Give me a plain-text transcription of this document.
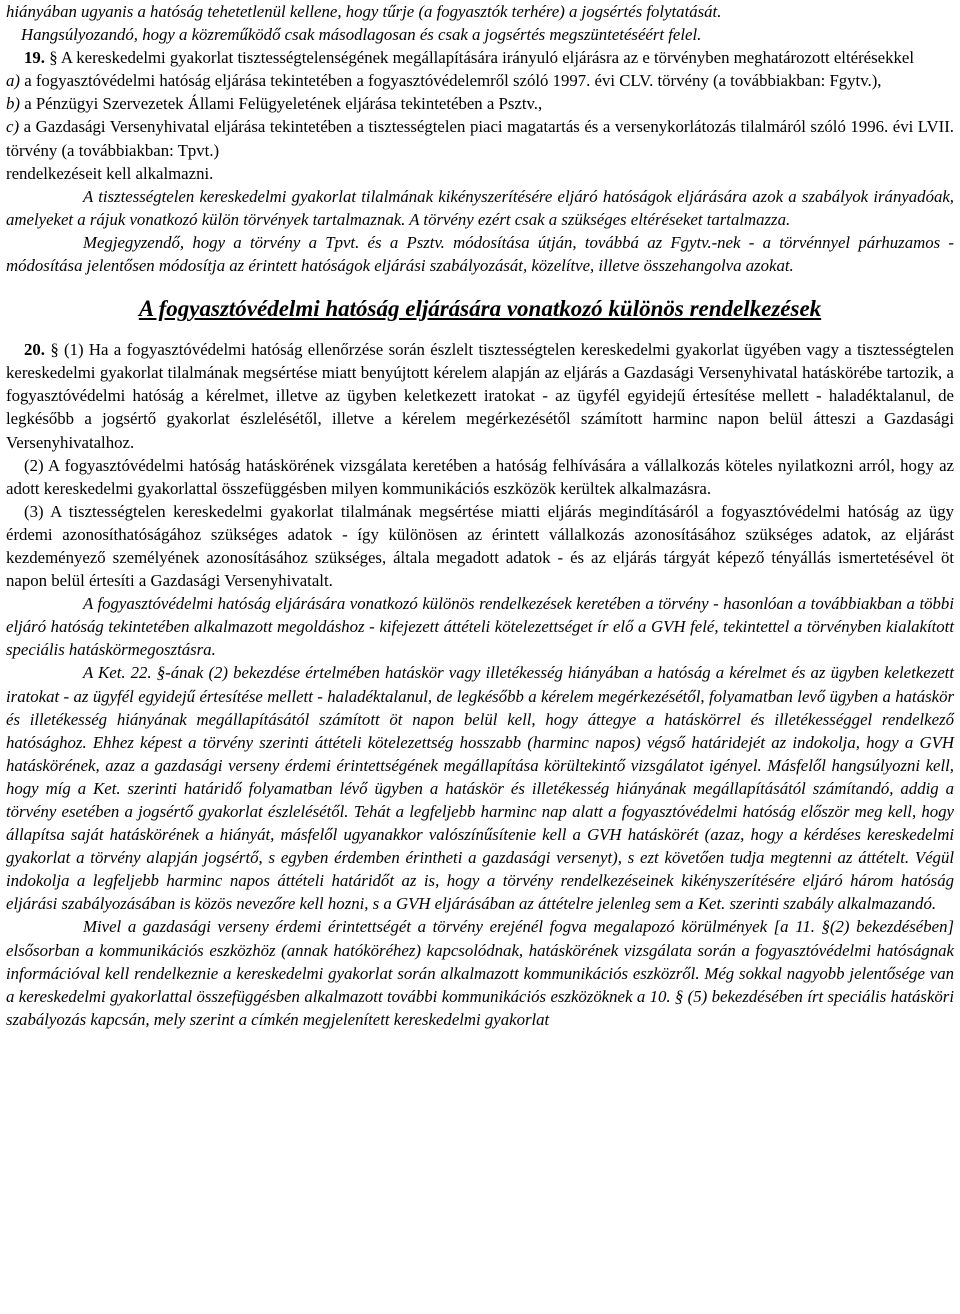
hiányában ugyanis a hatóság tehetetlenül kellene, hogy tűrje (a fogyasztók terhére) a jogsértés folytatását.

Hangsúlyozandó, hogy a közreműködő csak másodlagosan és csak a jogsértés megszüntetéséért felel.

19. § A kereskedelmi gyakorlat tisztességtelenségének megállapítására irányuló eljárásra az e törvényben meghatározott eltérésekkel

a) a fogyasztóvédelmi hatóság eljárása tekintetében a fogyasztóvédelemről szóló 1997. évi CLV. törvény (a továbbiakban: Fgytv.),

b) a Pénzügyi Szervezetek Állami Felügyeletének eljárása tekintetében a Psztv.,

c) a Gazdasági Versenyhivatal eljárása tekintetében a tisztességtelen piaci magatartás és a versenykorlátozás tilalmáról szóló 1996. évi LVII. törvény (a továbbiakban: Tpvt.)

rendelkezéseit kell alkalmazni.

A tisztességtelen kereskedelmi gyakorlat tilalmának kikényszerítésére eljáró hatóságok eljárására azok a szabályok irányadóak, amelyeket a rájuk vonatkozó külön törvények tartalmaznak. A törvény ezért csak a szükséges eltéréseket tartalmazza.

Megjegyzendő, hogy a törvény a Tpvt. és a Psztv. módosítása útján, továbbá az Fgytv.-nek - a törvénnyel párhuzamos - módosítása jelentősen módosítja az érintett hatóságok eljárási szabályozását, közelítve, illetve összehangolva azokat.

A fogyasztóvédelmi hatóság eljárására vonatkozó különös rendelkezések

20. § (1) Ha a fogyasztóvédelmi hatóság ellenőrzése során észlelt tisztességtelen kereskedelmi gyakorlat ügyében vagy a tisztességtelen kereskedelmi gyakorlat tilalmának megsértése miatt benyújtott kérelem alapján az eljárás a Gazdasági Versenyhivatal hatáskörébe tartozik, a fogyasztóvédelmi hatóság a kérelmet, illetve az ügyben keletkezett iratokat - az ügyfél egyidejű értesítése mellett - haladéktalanul, de legkésőbb a jogsértő gyakorlat észlelésétől, illetve a kérelem megérkezésétől számított harminc napon belül átteszi a Gazdasági Versenyhivatalhoz.

(2) A fogyasztóvédelmi hatóság hatáskörének vizsgálata keretében a hatóság felhívására a vállalkozás köteles nyilatkozni arról, hogy az adott kereskedelmi gyakorlattal összefüggésben milyen kommunikációs eszközök kerültek alkalmazásra.

(3) A tisztességtelen kereskedelmi gyakorlat tilalmának megsértése miatti eljárás megindításáról a fogyasztóvédelmi hatóság az ügy érdemi azonosíthatóságához szükséges adatok - így különösen az érintett vállalkozás azonosításához szükséges adatok, az eljárást kezdeményező személyének azonosításához szükséges, általa megadott adatok - és az eljárás tárgyát képező tényállás ismertetésével öt napon belül értesíti a Gazdasági Versenyhivatalt.

A fogyasztóvédelmi hatóság eljárására vonatkozó különös rendelkezések keretében a törvény - hasonlóan a továbbiakban a többi eljáró hatóság tekintetében alkalmazott megoldáshoz - kifejezett áttételi kötelezettséget ír elő a GVH felé, tekintettel a törvényben kialakított speciális hatáskörmegosztásra.

A Ket. 22. §-ának (2) bekezdése értelmében hatáskör vagy illetékesség hiányában a hatóság a kérelmet és az ügyben keletkezett iratokat - az ügyfél egyidejű értesítése mellett - haladéktalanul, de legkésőbb a kérelem megérkezésétől, folyamatban levő ügyben a hatáskör és illetékesség hiányának megállapításától számított öt napon belül kell, hogy áttegye a hatáskörrel és illetékességgel rendelkező hatósághoz. Ehhez képest a törvény szerinti áttételi kötelezettség hosszabb (harminc napos) végső határidejét az indokolja, hogy a GVH hatáskörének, azaz a gazdasági verseny érdemi érintettségének megállapítása körültekintő vizsgálatot igényel. Másfelől hangsúlyozni kell, hogy míg a Ket. szerinti határidő folyamatban lévő ügyben a hatáskör és illetékesség hiányának megállapításától számítandó, addig a törvény esetében a jogsértő gyakorlat észlelésétől. Tehát a legfeljebb harminc nap alatt a fogyasztóvédelmi hatóság először meg kell, hogy állapítsa saját hatáskörének a hiányát, másfelől ugyanakkor valószínűsítenie kell a GVH hatáskörét (azaz, hogy a kérdéses kereskedelmi gyakorlat a törvény alapján jogsértő, s egyben érdemben érintheti a gazdasági versenyt), s ezt követően tudja megtenni az áttételt. Végül indokolja a legfeljebb harminc napos áttételi határidőt az is, hogy a törvény rendelkezéseinek kikényszerítésére eljáró három hatóság eljárási szabályozásában is közös nevezőre kell hozni, s a GVH eljárásában az áttételre jelenleg sem a Ket. szerinti szabály alkalmazandó.

Mivel a gazdasági verseny érdemi érintettségét a törvény erejénél fogva megalapozó körülmények [a 11. §(2) bekezdésében] elsősorban a kommunikációs eszközhöz (annak hatóköréhez) kapcsolódnak, hatáskörének vizsgálata során a fogyasztóvédelmi hatóságnak információval kell rendelkeznie a kereskedelmi gyakorlat során alkalmazott kommunikációs eszközről. Még sokkal nagyobb jelentősége van a kereskedelmi gyakorlattal összefüggésben alkalmazott további kommunikációs eszközöknek a 10. § (5) bekezdésében írt speciális hatásköri szabályozás kapcsán, mely szerint a címkén megjelenített kereskedelmi gyakorlat
